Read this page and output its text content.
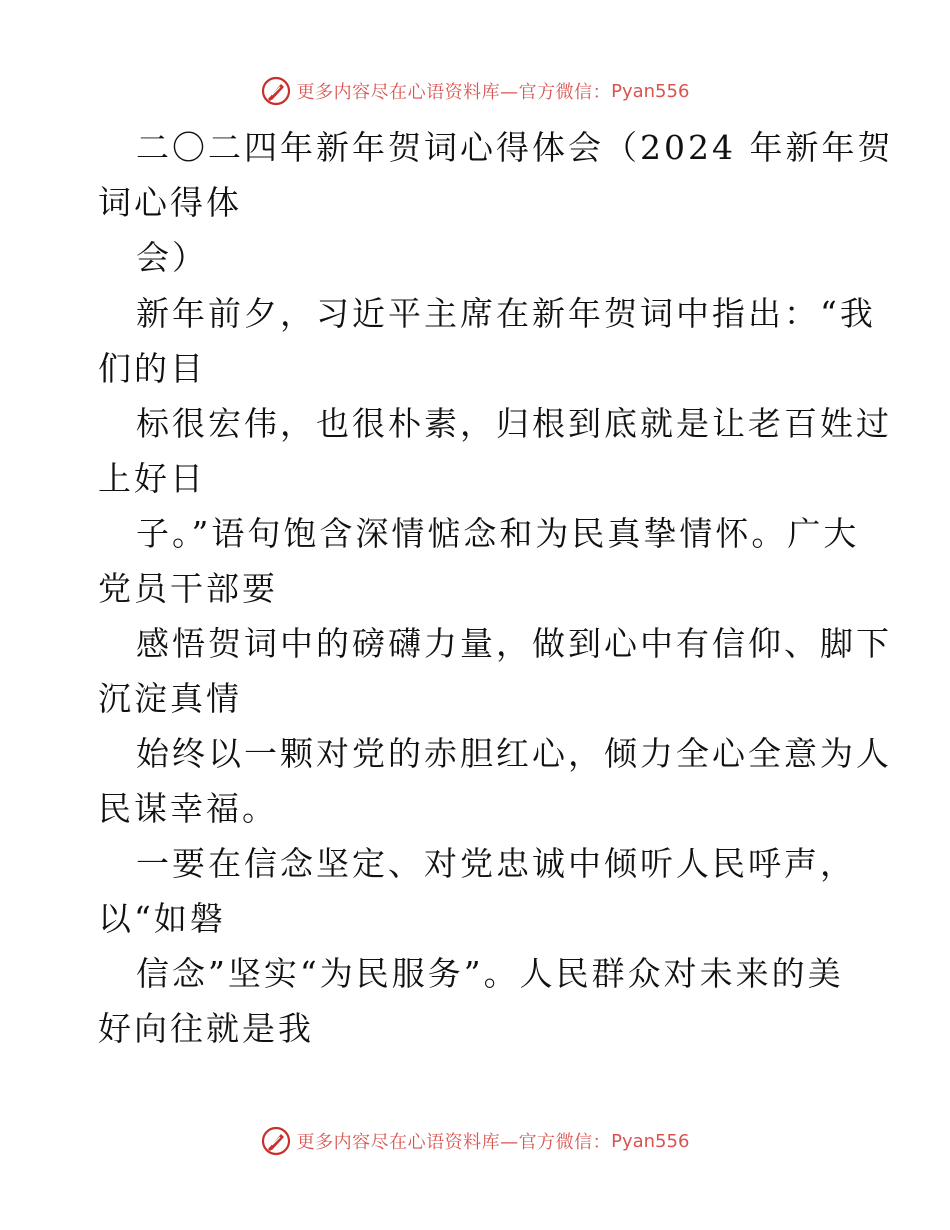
更多内容尽在心语资料库—官方微信： Pyan556
二〇二四年新年贺词心得体会（2024 年新年贺
词心得体
会）
新年前夕，习近平主席在新年贺词中指出：“我
们的目
标很宏伟，也很朴素，归根到底就是让老百姓过
上好日
子。”语句饱含深情惦念和为民真挚情怀。广大
党员干部要
感悟贺词中的磅礴力量，做到心中有信仰、脚下
沉淀真情
始终以一颗对党的赤胆红心，倾力全心全意为人
民谋幸福。
一要在信念坚定、对党忠诚中倾听人民呼声，
以“如磐
信念”坚实“为民服务”。人民群众对未来的美
好向往就是我
更多内容尽在心语资料库—官方微信： Pyan556
